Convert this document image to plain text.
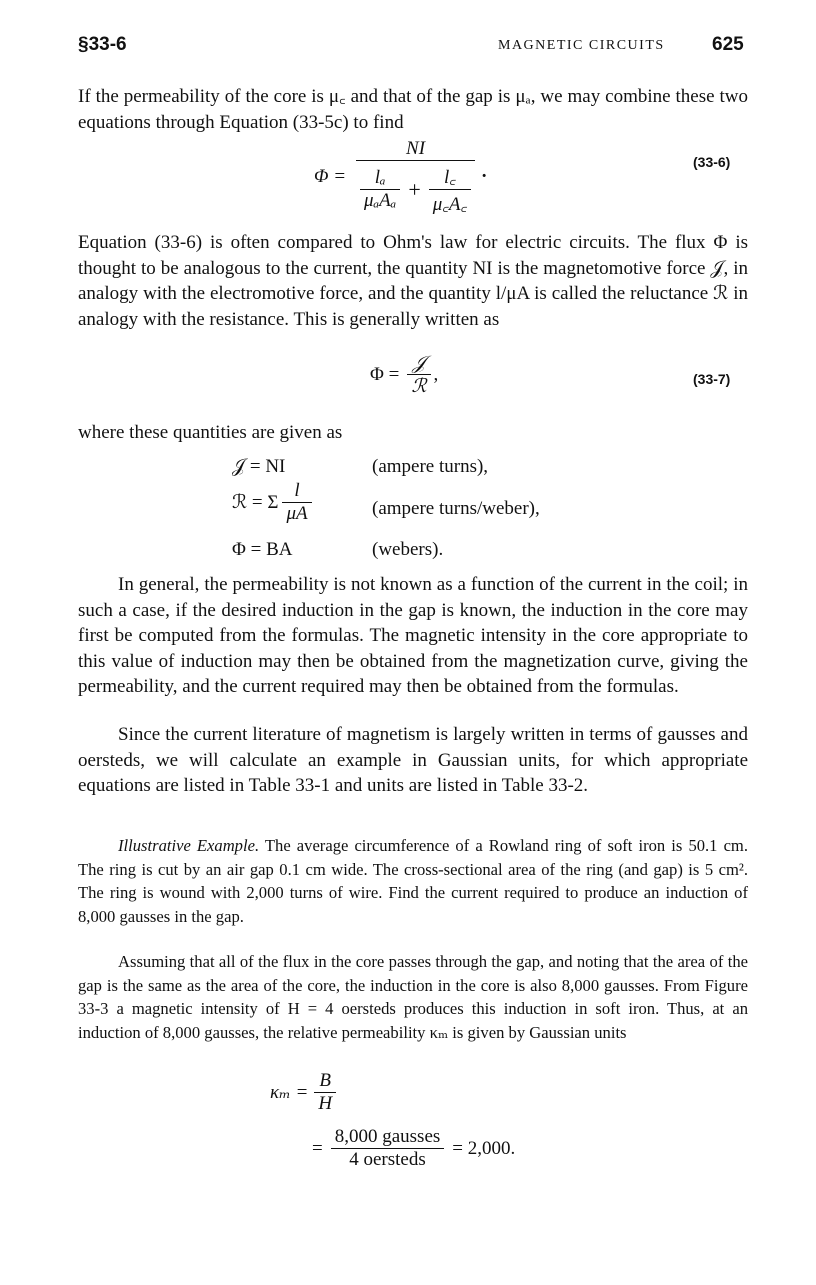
§33-6	MAGNETIC CIRCUITS 625
If the permeability of the core is μ꜀ and that of the gap is μₐ, we may combine these two equations through Equation (33-5c) to find
Φ =
NI
$\frac{\text{lₐ}}{\text{μₐAₐ}} + \frac{l꜀}{\mu꜀A꜀}$ ·
(33-6)
Equation (33-6) is often compared to Ohm's law for electric circuits. The flux Φ is thought to be analogous to the current, the quantity NI is the magnetomotive force 𝒥, in analogy with the electromotive force, and the quantity l/μA is called the reluctance ℛ in analogy with the resistance. This is generally written as
$\Phi = \frac{\text{𝒥}}{\text{ℛ}}$ ,	(33-7)
where these quantities are given as
𝒥 = NI	(ampere turns),
ℛ = Σ $\frac{l}{\mu A}$	(ampere turns/weber),
Φ = BA	(webers).
In general, the permeability is not known as a function of the current in the coil; in such a case, if the desired induction in the gap is known, the induction in the core may first be computed from the formulas. The magnetic intensity in the core appropriate to this value of induction may then be obtained from the magnetization curve, giving the permeability, and the current required may then be obtained from the formulas.
Since the current literature of magnetism is largely written in terms of gausses and oersteds, we will calculate an example in Gaussian units, for which appropriate equations are listed in Table 33-1 and units are listed in Table 33-2.
Illustrative Example. The average circumference of a Rowland ring of soft iron is 50.1 cm. The ring is cut by an air gap 0.1 cm wide. The cross-sectional area of the ring (and gap) is 5 cm². The ring is wound with 2,000 turns of wire. Find the current required to produce an induction of 8,000 gausses in the gap.
Assuming that all of the flux in the core passes through the gap, and noting that the area of the gap is the same as the area of the core, the induction in the core is also 8,000 gausses. From Figure 33-3 a magnetic intensity of H = 4 oersteds produces this induction in soft iron. Thus, at an induction of 8,000 gausses, the relative permeability κₘ is given by Gaussian units
$\kappa_m = \frac{B}{H}$
= $\frac{\text{8,000 gausses}}{\text{4 oersteds}} = 2,000$.
